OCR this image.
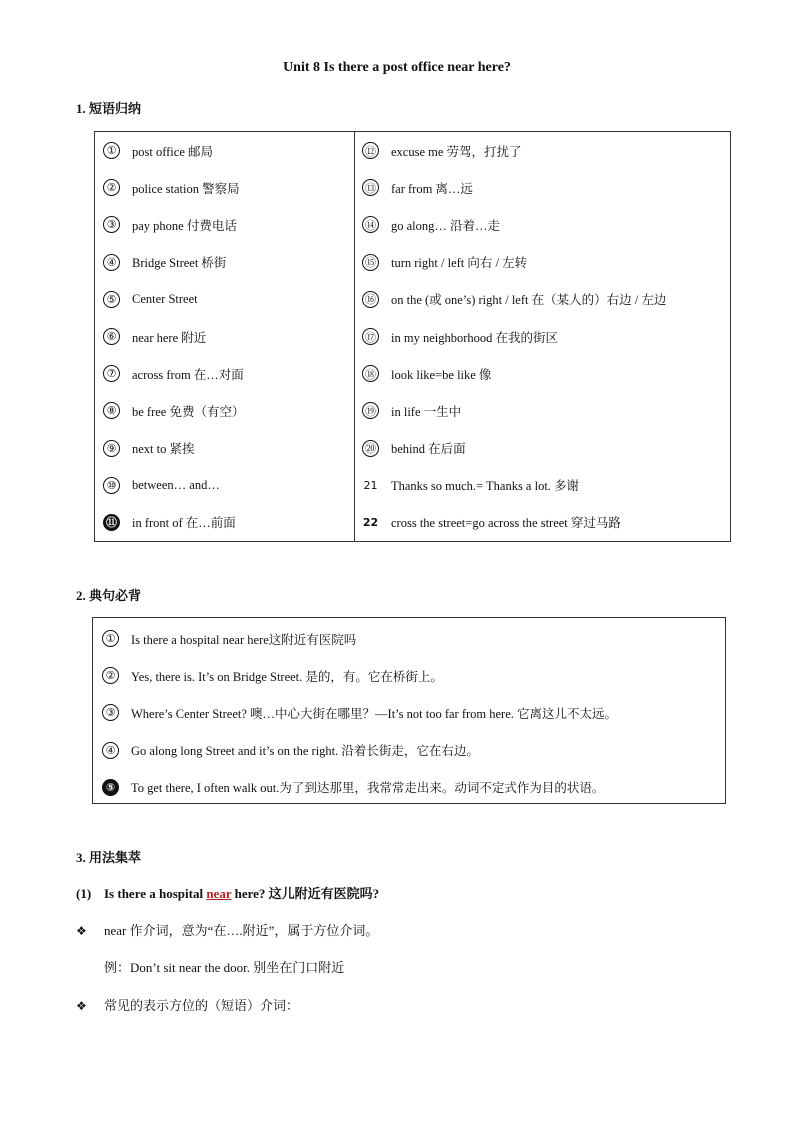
Unit 8 Is there a post office near here?
1. 短语归纳
① post office 邮局
② police station 警察局
③ pay phone 付费电话
④ Bridge Street 桥街
⑤ Center Street
⑥ near here 附近
⑦ across from 在…对面
⑧ be free 免费（有空）
⑨ next to 紧挨
⑩ between… and…
⑪ in front of 在…前面

⑫ excuse me 劳驾，打扰了
⑬ far from 离…远
⑭ go along… 沿着…走
⑮ turn right / left 向右 / 左转
⑯ on the (或 one’s) right / left 在（某人的）右边 / 左边
⑰ in my neighborhood 在我的街区
⑱ look like=be like 像
⑲ in life 一生中
⑳ behind 在后面
21 Thanks so much.= Thanks a lot. 多谢
22 cross the street=go across the street 穿过马路
2. 典句必背
① Is there a hospital near here这附近有医院吗
② Yes, there is. It’s on Bridge Street. 是的，有。它在桥街上。
③ Where’s Center Street? 噢…中心大街在哪里？—It’s not too far from here. 它离这儿不太远。
④ Go along long Street and it’s on the right. 沿着长街走，它在右边。
⑤	To get there, I often walk out.为了到达那里，我常常走出来。动词不定式作为目的状语。
3. 用法集萃
(1) Is there a hospital near here? 这儿附近有医院吗?
❖ near 作介词，意为“在….附近”，属于方位介词。
例：Don’t sit near the door. 别坐在门口附近
❖ 常见的表示方位的（短语）介词：
